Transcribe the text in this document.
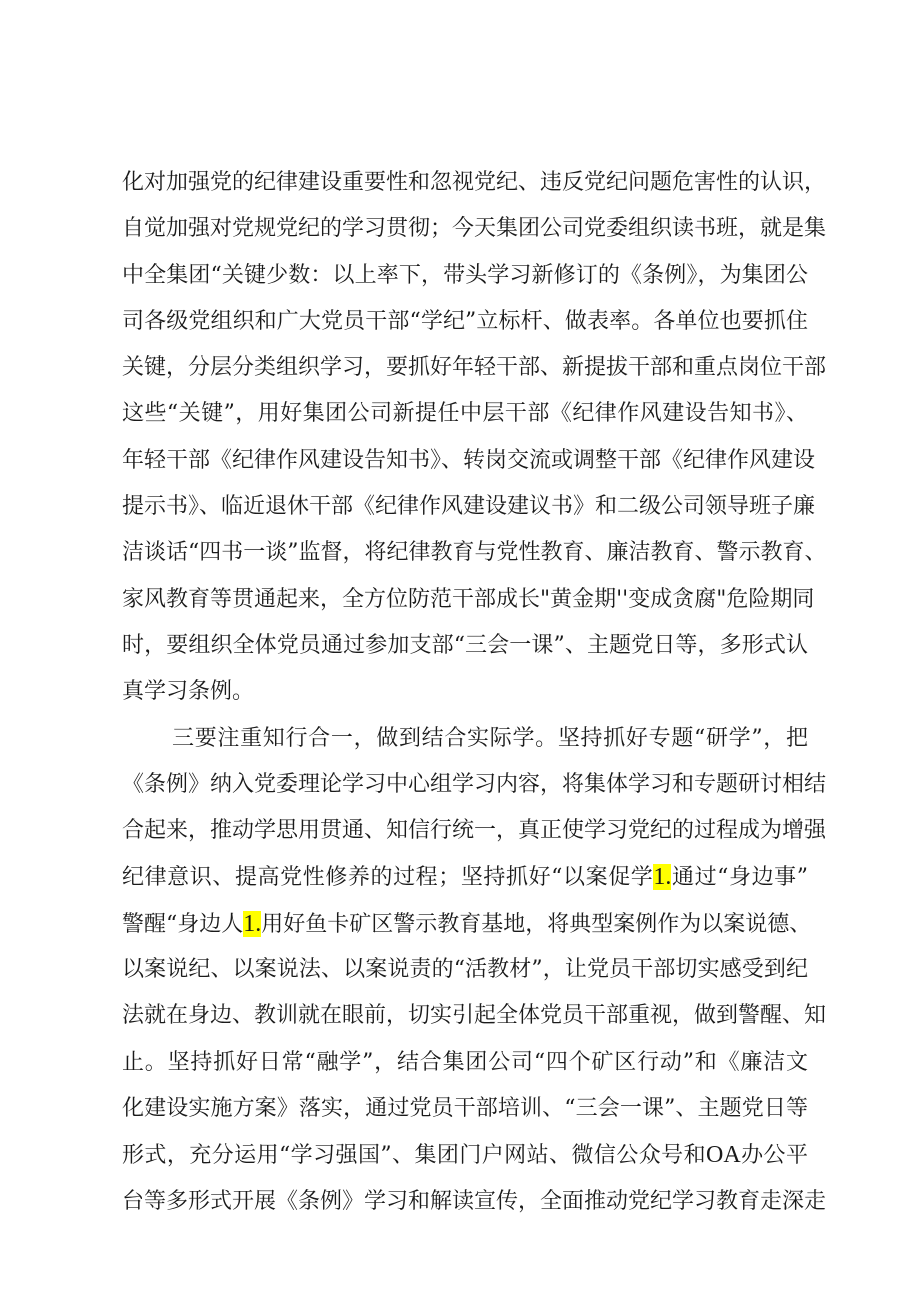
化对加强党的纪律建设重要性和忽视党纪、违反党纪问题危害性的认识，
自觉加强对党规党纪的学习贯彻；今天集团公司党委组织读书班，就是集
中全集团“关键少数：以上率下，带头学习新修订的《条例》，为集团公
司各级党组织和广大党员干部“学纪”立标杆、做表率。各单位也要抓住
关键，分层分类组织学习，要抓好年轻干部、新提拔干部和重点岗位干部
这些“关键”，用好集团公司新提任中层干部《纪律作风建设告知书》、
年轻干部《纪律作风建设告知书》、转岗交流或调整干部《纪律作风建设
提示书》、临近退休干部《纪律作风建设建议书》和二级公司领导班子廉
洁谈话“四书一谈”监督，将纪律教育与党性教育、廉洁教育、警示教育、
家风教育等贯通起来，全方位防范干部成长"黄金期''变成贪腐"危险期同
时，要组织全体党员通过参加支部“三会一课”、主题党日等，多形式认
真学习条例。
三要注重知行合一，做到结合实际学。坚持抓好专题“研学”，把
《条例》纳入党委理论学习中心组学习内容，将集体学习和专题研讨相结
合起来，推动学思用贯通、知信行统一，真正使学习党纪的过程成为增强
纪律意识、提高党性修养的过程；坚持抓好“以案促学1.通过“身边事”
警醒“身边人1.用好鱼卡矿区警示教育基地，将典型案例作为以案说德、
以案说纪、以案说法、以案说责的“活教材”，让党员干部切实感受到纪
法就在身边、教训就在眼前，切实引起全体党员干部重视，做到警醒、知
止。坚持抓好日常“融学”，结合集团公司“四个矿区行动”和《廉洁文
化建设实施方案》落实，通过党员干部培训、“三会一课”、主题党日等
形式，充分运用“学习强国”、集团门户网站、微信公众号和OA办公平
台等多形式开展《条例》学习和解读宣传，全面推动党纪学习教育走深走
